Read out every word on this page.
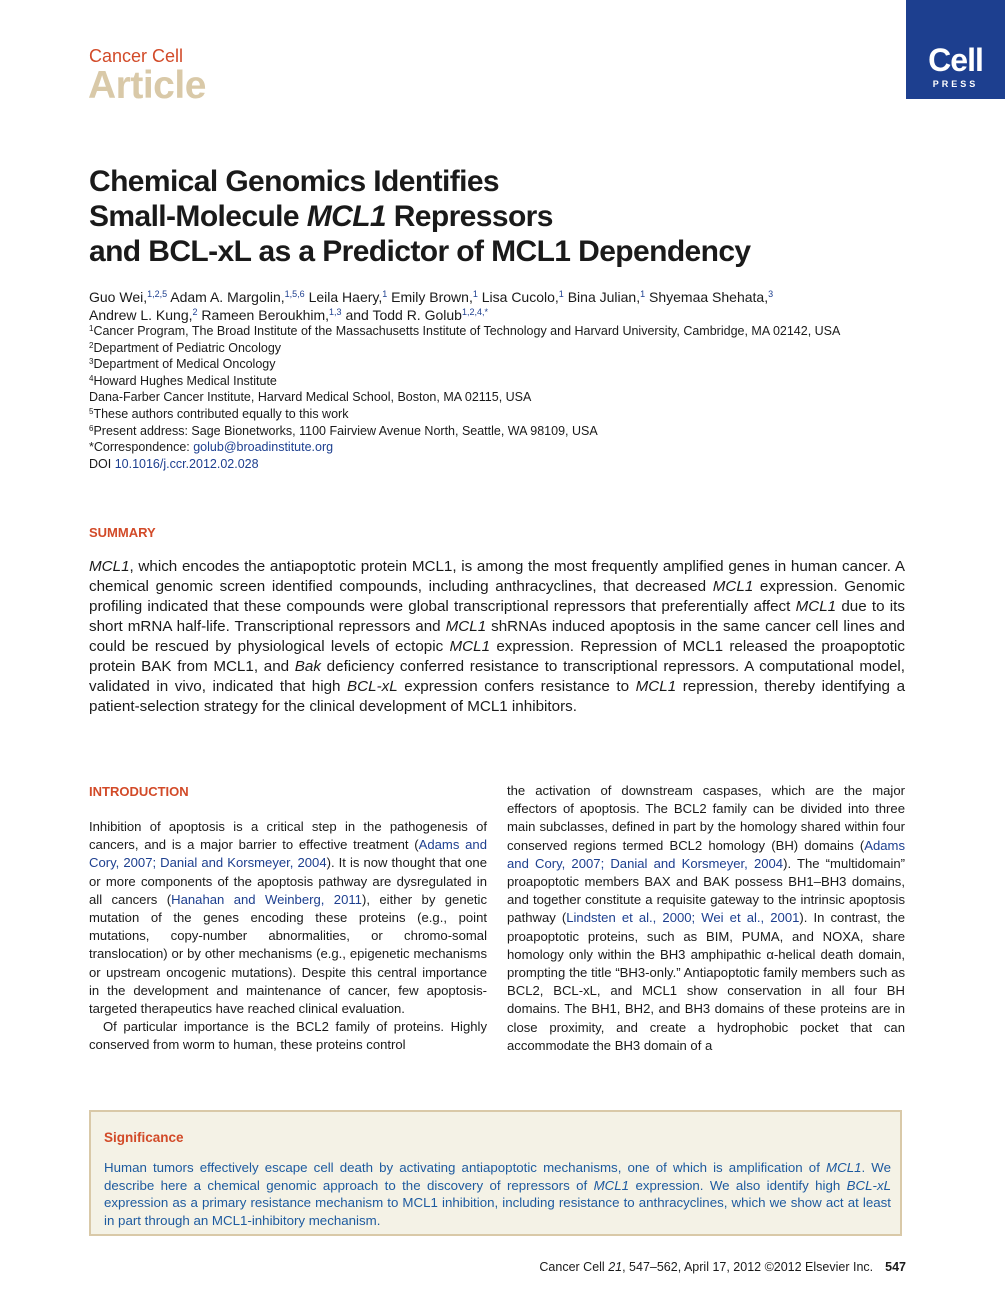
Cancer Cell
Article
Cell
PRESS
Chemical Genomics Identifies
Small-Molecule MCL1 Repressors
and BCL-xL as a Predictor of MCL1 Dependency
Guo Wei,$^{1,2,5}$ Adam A. Margolin,$^{1,5,6}$ Leila Haery,$^1$ Emily Brown,$^1$ Lisa Cucolo,$^1$ Bina Julian,$^1$ Shyemaa Shehata,$^3$
Andrew L. Kung,$^2$ Rameen Beroukhim,$^{1,3}$ and Todd R. Golub$^{1,2,4,*}$
$^1$Cancer Program, The Broad Institute of the Massachusetts Institute of Technology and Harvard University, Cambridge, MA 02142, USA
$^2$Department of Pediatric Oncology
$^3$Department of Medical Oncology
$^4$Howard Hughes Medical Institute
Dana-Farber Cancer Institute, Harvard Medical School, Boston, MA 02115, USA
$^5$These authors contributed equally to this work
$^6$Present address: Sage Bionetworks, 1100 Fairview Avenue North, Seattle, WA 98109, USA
*Correspondence: golub@broadinstitute.org
DOI 10.1016/j.ccr.2012.02.028
SUMMARY
MCL1, which encodes the antiapoptotic protein MCL1, is among the most frequently amplified genes in human cancer. A chemical genomic screen identified compounds, including anthracyclines, that decreased MCL1 expression. Genomic profiling indicated that these compounds were global transcriptional repressors that preferentially affect MCL1 due to its short mRNA half-life. Transcriptional repressors and MCL1 shRNAs induced apoptosis in the same cancer cell lines and could be rescued by physiological levels of ectopic MCL1 expression. Repression of MCL1 released the proapoptotic protein BAK from MCL1, and Bak deficiency conferred resistance to transcriptional repressors. A computational model, validated in vivo, indicated that high BCL-xL expression confers resistance to MCL1 repression, thereby identifying a patient-selection strategy for the clinical development of MCL1 inhibitors.
INTRODUCTION

Inhibition of apoptosis is a critical step in the pathogenesis of cancers, and is a major barrier to effective treatment (Adams and Cory, 2007; Danial and Korsmeyer, 2004). It is now thought that one or more components of the apoptosis pathway are dysregulated in all cancers (Hanahan and Weinberg, 2011), either by genetic mutation of the genes encoding these proteins (e.g., point mutations, copy-number abnormalities, or chromo-somal translocation) or by other mechanisms (e.g., epigenetic mechanisms or upstream oncogenic mutations). Despite this central importance in the development and maintenance of cancer, few apoptosis-targeted therapeutics have reached clinical evaluation.

Of particular importance is the BCL2 family of proteins. Highly conserved from worm to human, these proteins control

the activation of downstream caspases, which are the major effectors of apoptosis. The BCL2 family can be divided into three main subclasses, defined in part by the homology shared within four conserved regions termed BCL2 homology (BH) domains (Adams and Cory, 2007; Danial and Korsmeyer, 2004). The “multidomain” proapoptotic members BAX and BAK possess BH1–BH3 domains, and together constitute a requisite gateway to the intrinsic apoptosis pathway (Lindsten et al., 2000; Wei et al., 2001). In contrast, the proapoptotic proteins, such as BIM, PUMA, and NOXA, share homology only within the BH3 amphipathic α-helical death domain, prompting the title “BH3-only.” Antiapoptotic family members such as BCL2, BCL-xL, and MCL1 show conservation in all four BH domains. The BH1, BH2, and BH3 domains of these proteins are in close proximity, and create a hydrophobic pocket that can accommodate the BH3 domain of a

Significance
Human tumors effectively escape cell death by activating antiapoptotic mechanisms, one of which is amplification of MCL1. We describe here a chemical genomic approach to the discovery of repressors of MCL1 expression. We also identify high BCL-xL expression as a primary resistance mechanism to MCL1 inhibition, including resistance to anthracyclines, which we show act at least in part through an MCL1-inhibitory mechanism.
Cancer Cell 21, 547–562, April 17, 2012 ©2012 Elsevier Inc. 547
